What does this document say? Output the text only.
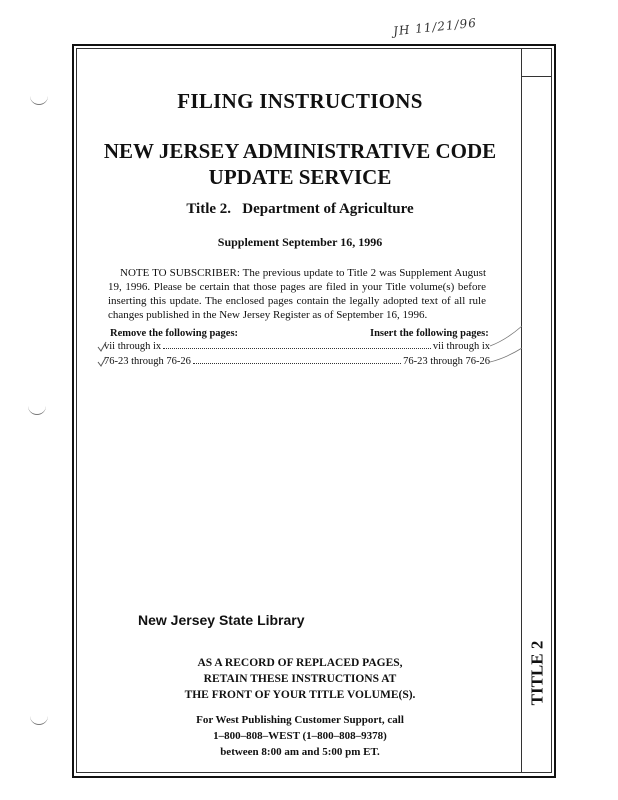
JH 11/21/96
FILING INSTRUCTIONS
NEW JERSEY ADMINISTRATIVE CODE
UPDATE SERVICE
Title 2.   Department of Agriculture
Supplement September 16, 1996
NOTE TO SUBSCRIBER: The previous update to Title 2 was Supplement August 19, 1996. Please be certain that those pages are filed in your Title volume(s) before inserting this update. The enclosed pages contain the legally adopted text of all rule changes published in the New Jersey Register as of September 16, 1996.
Remove the following pages:	Insert the following pages:
vii through ix	vii through ix
76-23 through 76-26	76-23 through 76-26
New Jersey State Library
AS A RECORD OF REPLACED PAGES,
RETAIN THESE INSTRUCTIONS AT
THE FRONT OF YOUR TITLE VOLUME(S).
For West Publishing Customer Support, call
1–800–808–WEST (1–800–808–9378)
between 8:00 am and 5:00 pm ET.
TITLE 2
